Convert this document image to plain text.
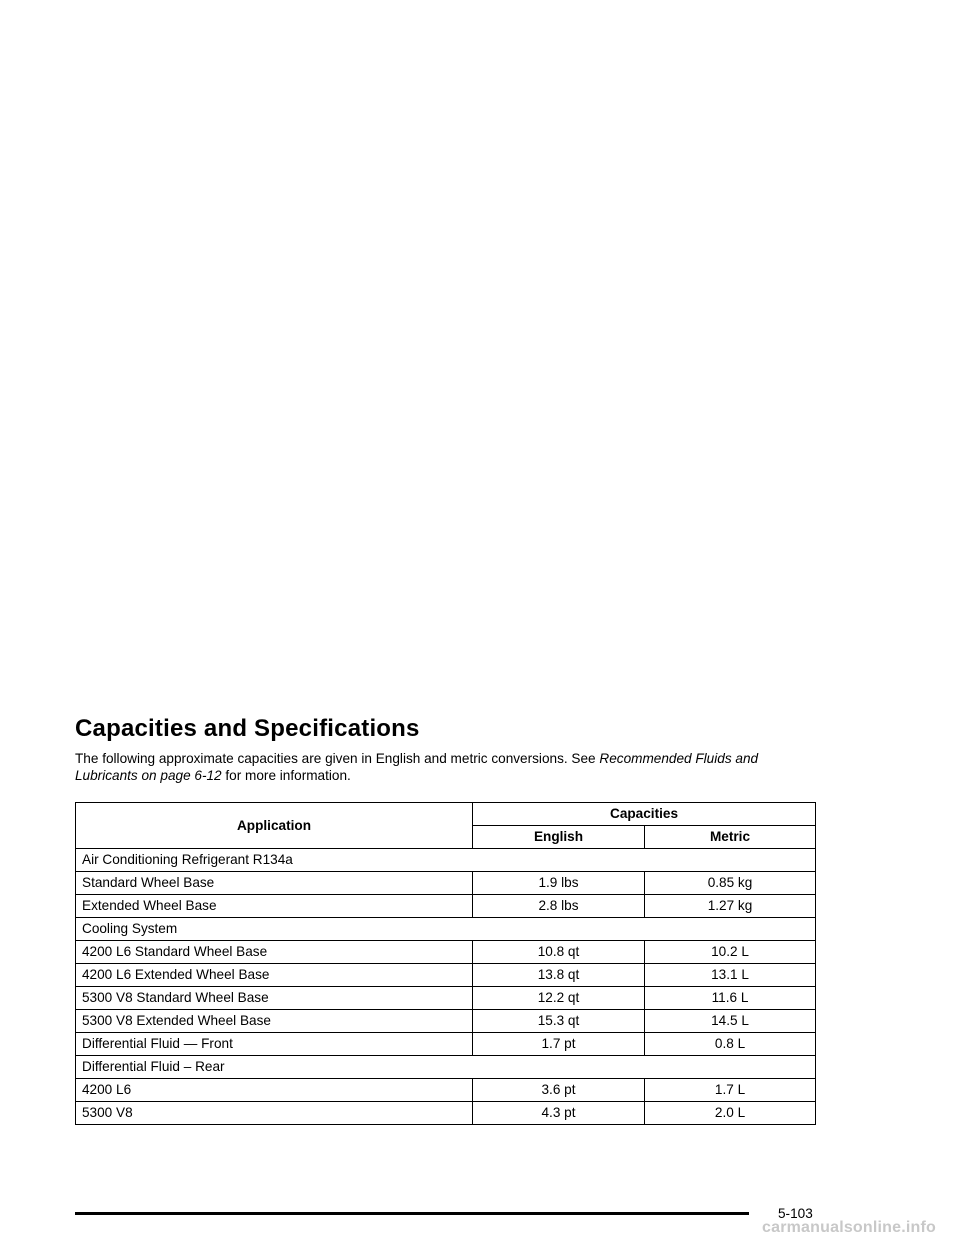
Capacities and Specifications

The following approximate capacities are given in English and metric conversions. See Recommended Fluids and Lubricants on page 6-12 for more information.

Application	Capacities	
	English	Metric
Air Conditioning Refrigerant R134a		
Standard Wheel Base	1.9 lbs	0.85 kg
Extended Wheel Base	2.8 lbs	1.27 kg
Cooling System		
4200 L6 Standard Wheel Base	10.8 qt	10.2 L
4200 L6 Extended Wheel Base	13.8 qt	13.1 L
5300 V8 Standard Wheel Base	12.2 qt	11.6 L
5300 V8 Extended Wheel Base	15.3 qt	14.5 L
Differential Fluid — Front	1.7 pt	0.8 L
Differential Fluid – Rear		
4200 L6	3.6 pt	1.7 L
5300 V8	4.3 pt	2.0 L
5-103
carmanualsonline.info
